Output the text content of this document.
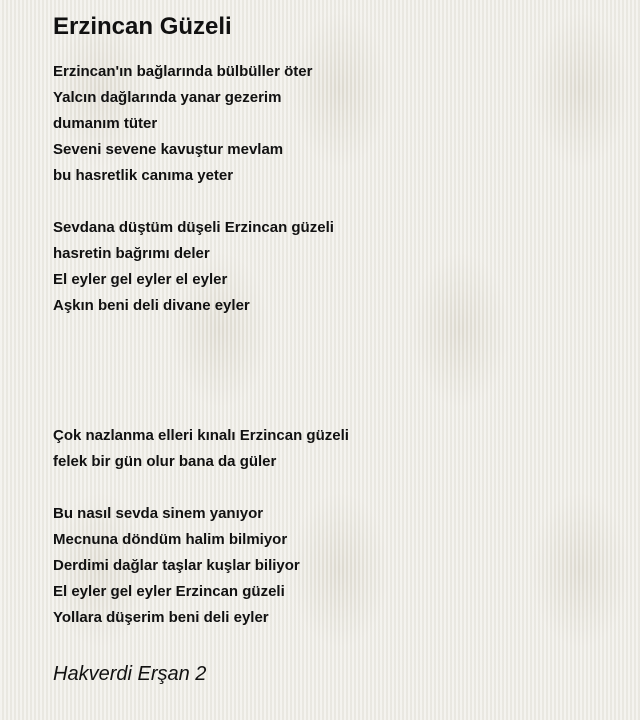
Erzincan Güzeli
Erzincan'ın bağlarında bülbüller öter
Yalcın dağlarında yanar gezerim
dumanım tüter
Seveni sevene kavuştur mevlam
bu hasretlik canıma yeter
Sevdana düştüm düşeli Erzincan güzeli
hasretin bağrımı deler
El eyler gel eyler el eyler
Aşkın beni deli divane eyler
Çok nazlanma elleri kınalı Erzincan güzeli
felek bir gün olur bana da güler
Bu nasıl sevda sinem yanıyor
Mecnuna döndüm halim bilmiyor
Derdimi dağlar taşlar kuşlar biliyor
El eyler gel eyler Erzincan güzeli
Yollara düşerim beni deli eyler
Hakverdi Erşan 2
